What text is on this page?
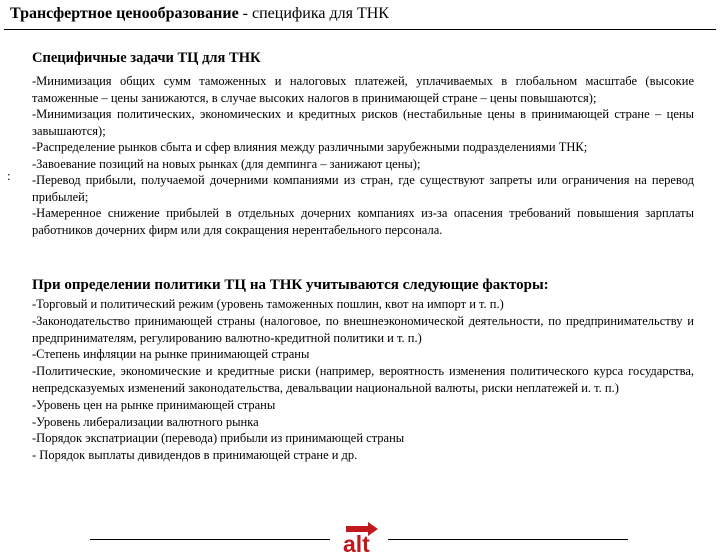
Трансфертное ценообразование - специфика для ТНК
:

Специфичные задачи ТЦ для ТНК

-Минимизация общих сумм таможенных и налоговых платежей, уплачиваемых в глобальном масштабе (высокие таможенные – цены занижаются, в случае высоких налогов в принимающей стране – цены повышаются);

-Минимизация политических, экономических и кредитных рисков (нестабильные цены в принимающей стране – цены завышаются);

-Распределение рынков сбыта и сфер влияния между различными зарубежными подразделениями ТНК;

-Завоевание позиций на новых рынках (для демпинга – занижают цены);

-Перевод прибыли, получаемой дочерними компаниями из стран, где существуют запреты или ограничения на перевод прибылей;

-Намеренное снижение прибылей в отдельных дочерних компаниях из-за опасения требований повышения зарплаты работников дочерних фирм или для сокращения нерентабельного персонала.

При определении политики ТЦ на ТНК учитываются следующие факторы:

-Торговый и политический режим (уровень таможенных пошлин, квот на импорт и т. п.)

-Законодательство принимающей страны (налоговое, по внешнеэкономической деятельности, по предпринимательству и предпринимателям, регулированию валютно-кредитной политики и т. п.)

-Степень инфляции на рынке принимающей страны

-Политические, экономические и кредитные риски (например, вероятность изменения политического курса государства, непредсказуемых изменений законодательства, девальвации национальной валюты, риски неплатежей и. т. п.)

-Уровень цен на рынке принимающей страны

-Уровень либерализации валютного рынка

-Порядок экспатриации (перевода) прибыли из принимающей страны

- Порядок выплаты дивидендов в принимающей стране и др.

alt
